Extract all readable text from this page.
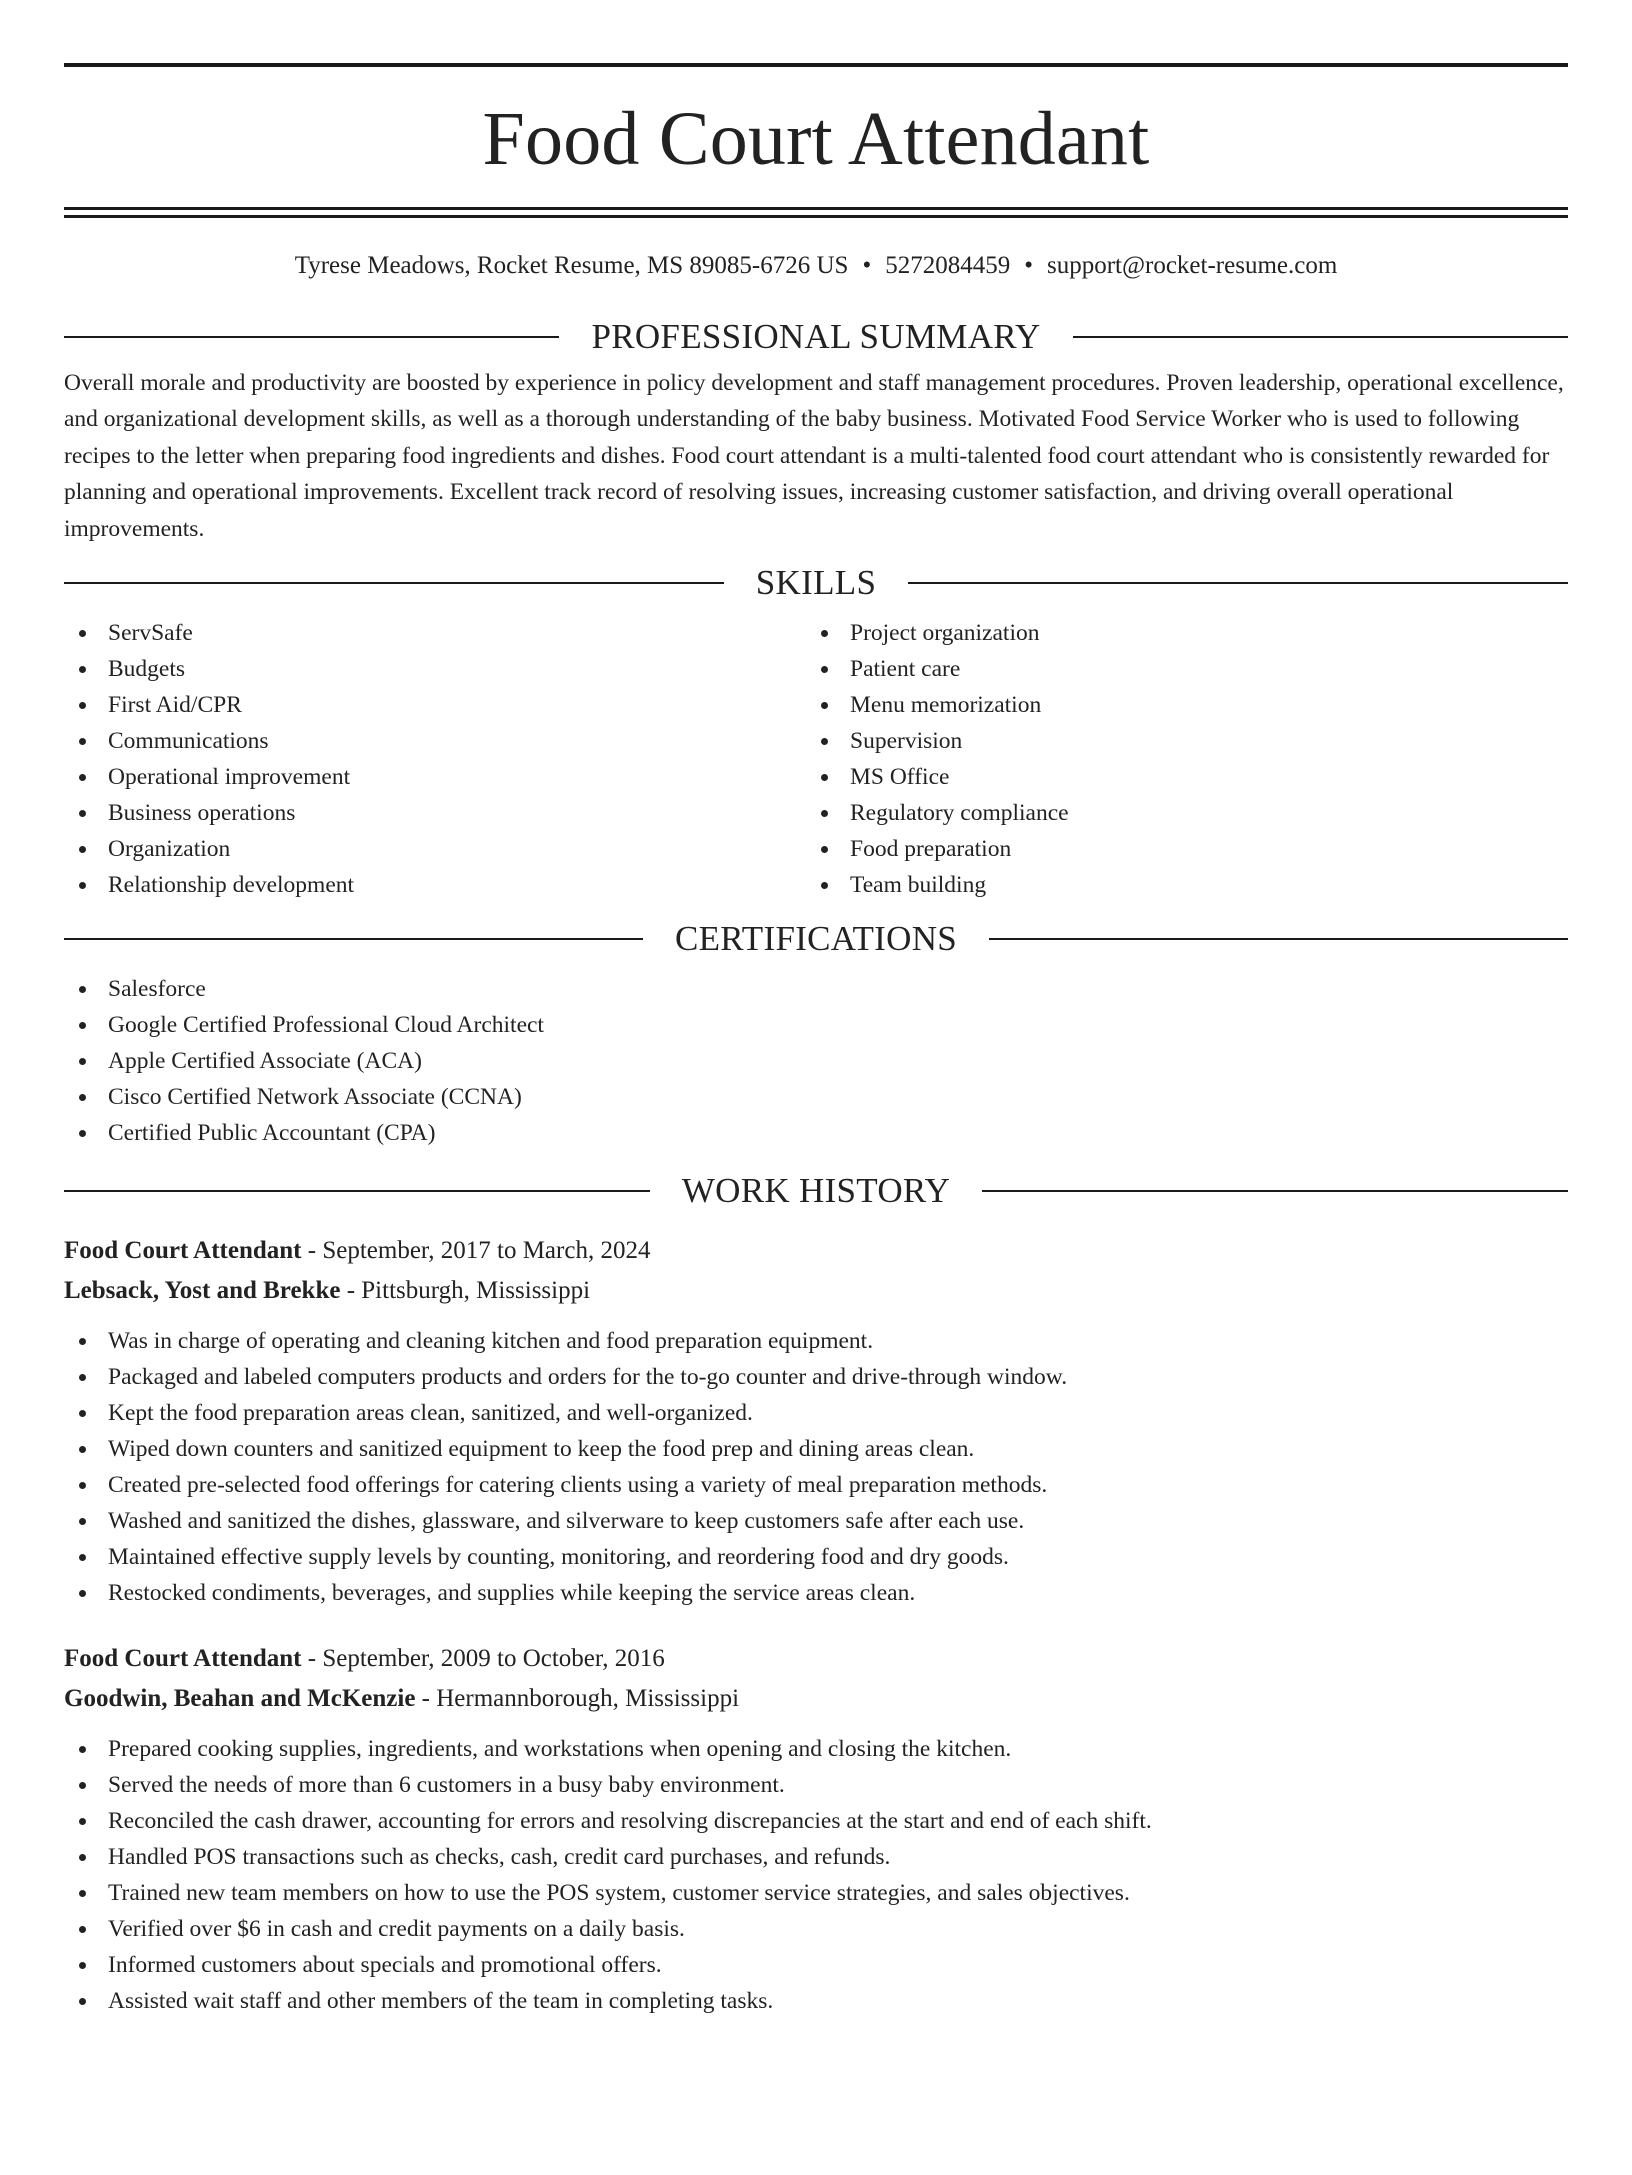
Food Court Attendant
Tyrese Meadows, Rocket Resume, MS 89085-6726 US • 5272084459 • support@rocket-resume.com
PROFESSIONAL SUMMARY
Overall morale and productivity are boosted by experience in policy development and staff management procedures. Proven leadership, operational excellence, and organizational development skills, as well as a thorough understanding of the baby business. Motivated Food Service Worker who is used to following recipes to the letter when preparing food ingredients and dishes. Food court attendant is a multi-talented food court attendant who is consistently rewarded for planning and operational improvements. Excellent track record of resolving issues, increasing customer satisfaction, and driving overall operational improvements.
SKILLS
ServSafe
Budgets
First Aid/CPR
Communications
Operational improvement
Business operations
Organization
Relationship development
Project organization
Patient care
Menu memorization
Supervision
MS Office
Regulatory compliance
Food preparation
Team building
CERTIFICATIONS
Salesforce
Google Certified Professional Cloud Architect
Apple Certified Associate (ACA)
Cisco Certified Network Associate (CCNA)
Certified Public Accountant (CPA)
WORK HISTORY
Food Court Attendant - September, 2017 to March, 2024
Lebsack, Yost and Brekke - Pittsburgh, Mississippi
Was in charge of operating and cleaning kitchen and food preparation equipment.
Packaged and labeled computers products and orders for the to-go counter and drive-through window.
Kept the food preparation areas clean, sanitized, and well-organized.
Wiped down counters and sanitized equipment to keep the food prep and dining areas clean.
Created pre-selected food offerings for catering clients using a variety of meal preparation methods.
Washed and sanitized the dishes, glassware, and silverware to keep customers safe after each use.
Maintained effective supply levels by counting, monitoring, and reordering food and dry goods.
Restocked condiments, beverages, and supplies while keeping the service areas clean.
Food Court Attendant - September, 2009 to October, 2016
Goodwin, Beahan and McKenzie - Hermannborough, Mississippi
Prepared cooking supplies, ingredients, and workstations when opening and closing the kitchen.
Served the needs of more than 6 customers in a busy baby environment.
Reconciled the cash drawer, accounting for errors and resolving discrepancies at the start and end of each shift.
Handled POS transactions such as checks, cash, credit card purchases, and refunds.
Trained new team members on how to use the POS system, customer service strategies, and sales objectives.
Verified over $6 in cash and credit payments on a daily basis.
Informed customers about specials and promotional offers.
Assisted wait staff and other members of the team in completing tasks.
